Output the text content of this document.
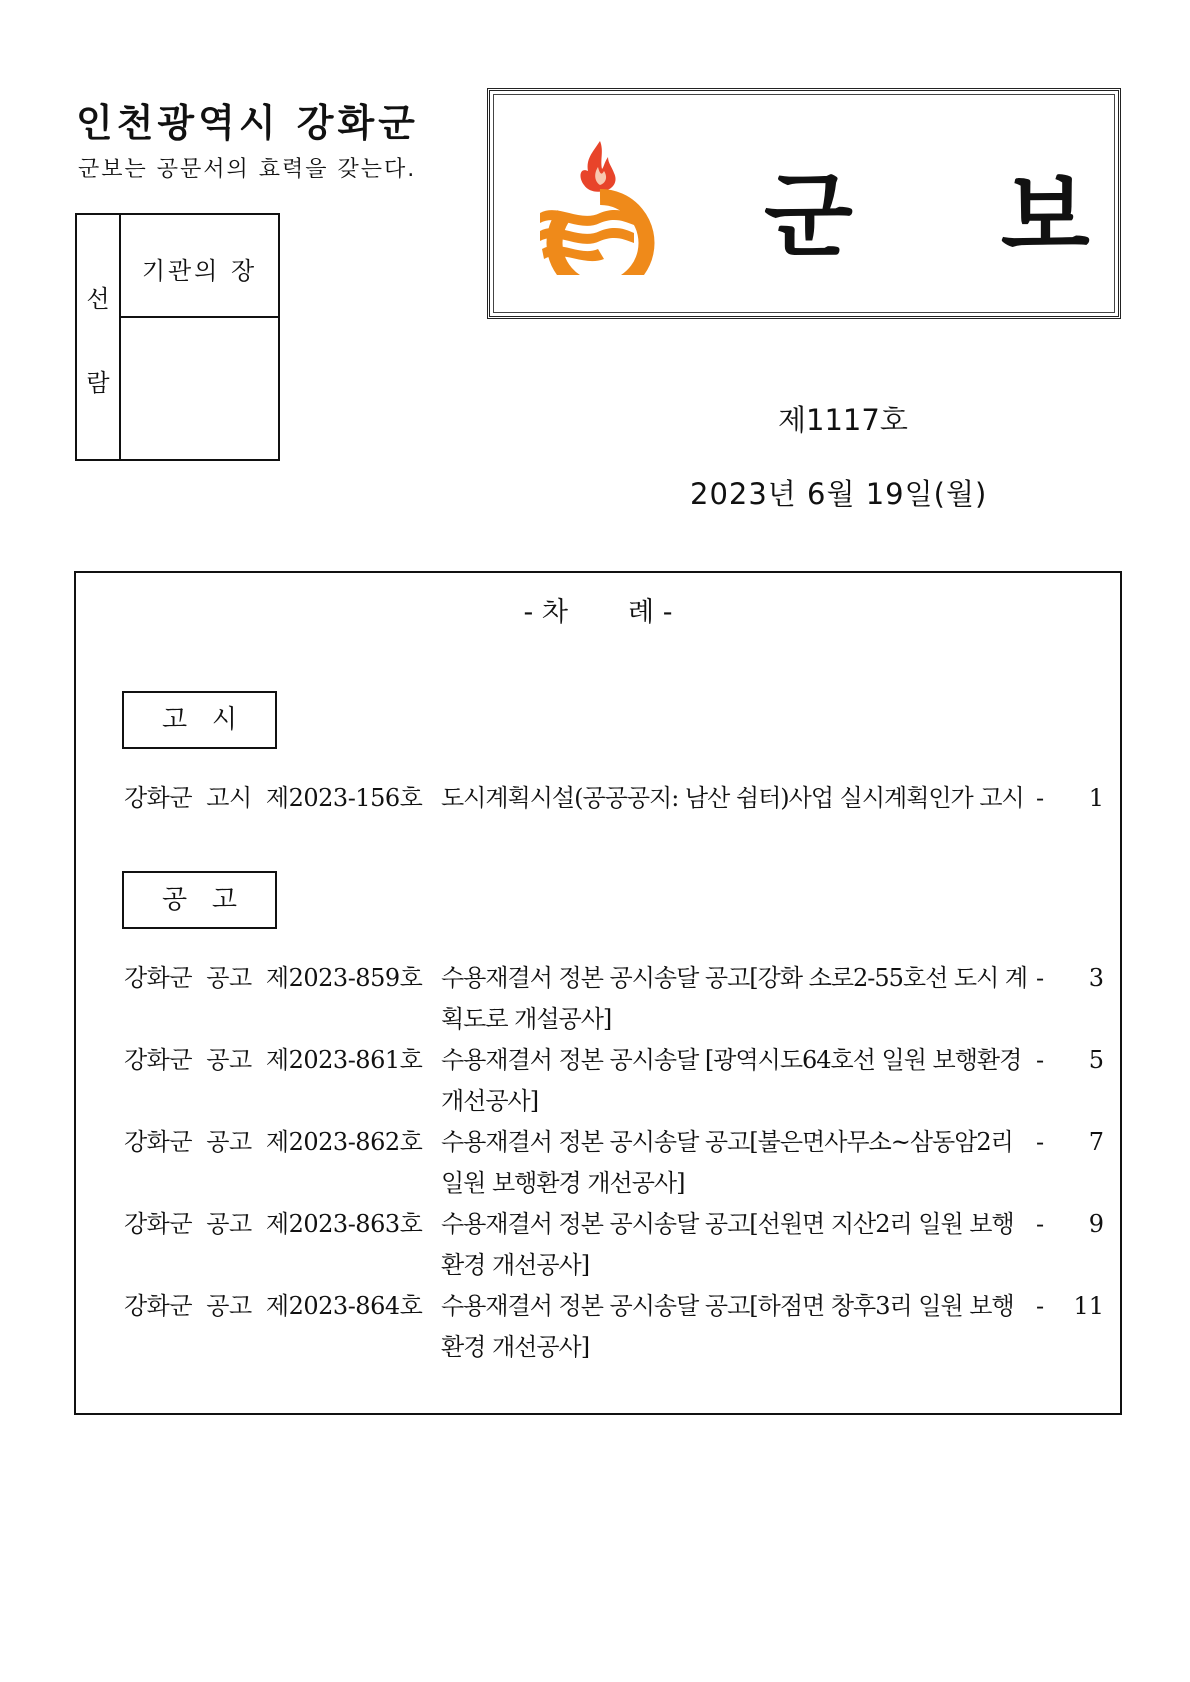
인천광역시 강화군
군보는 공문서의 효력을 갖는다.
선
람
기관의 장
군 보
제1117호
2023년 6월 19일(월)
- 차       례 -
고   시
강화군  고시  제2023-156호 도시계획시설(공공공지: 남산 쉼터)사업 실시계획인가 고시 -	1
공   고
강화군  공고  제2023-859호 수용재결서 정본 공시송달 공고[강화 소로2-55호선 도시 계획도로 개설공사]
-	3
강화군  공고  제2023-861호 수용재결서 정본 공시송달 [광역시도64호선 일원 보행환경 개선공사]
-	5
강화군  공고  제2023-862호 수용재결서 정본 공시송달 공고[불은면사무소~삼동암2리 일원 보행환경 개선공사]
-	7
강화군  공고  제2023-863호 수용재결서 정본 공시송달 공고[선원면 지산2리 일원 보행 환경 개선공사]
-	9
강화군  공고  제2023-864호 수용재결서 정본 공시송달 공고[하점면 창후3리 일원 보행 환경 개선공사]
-	11
